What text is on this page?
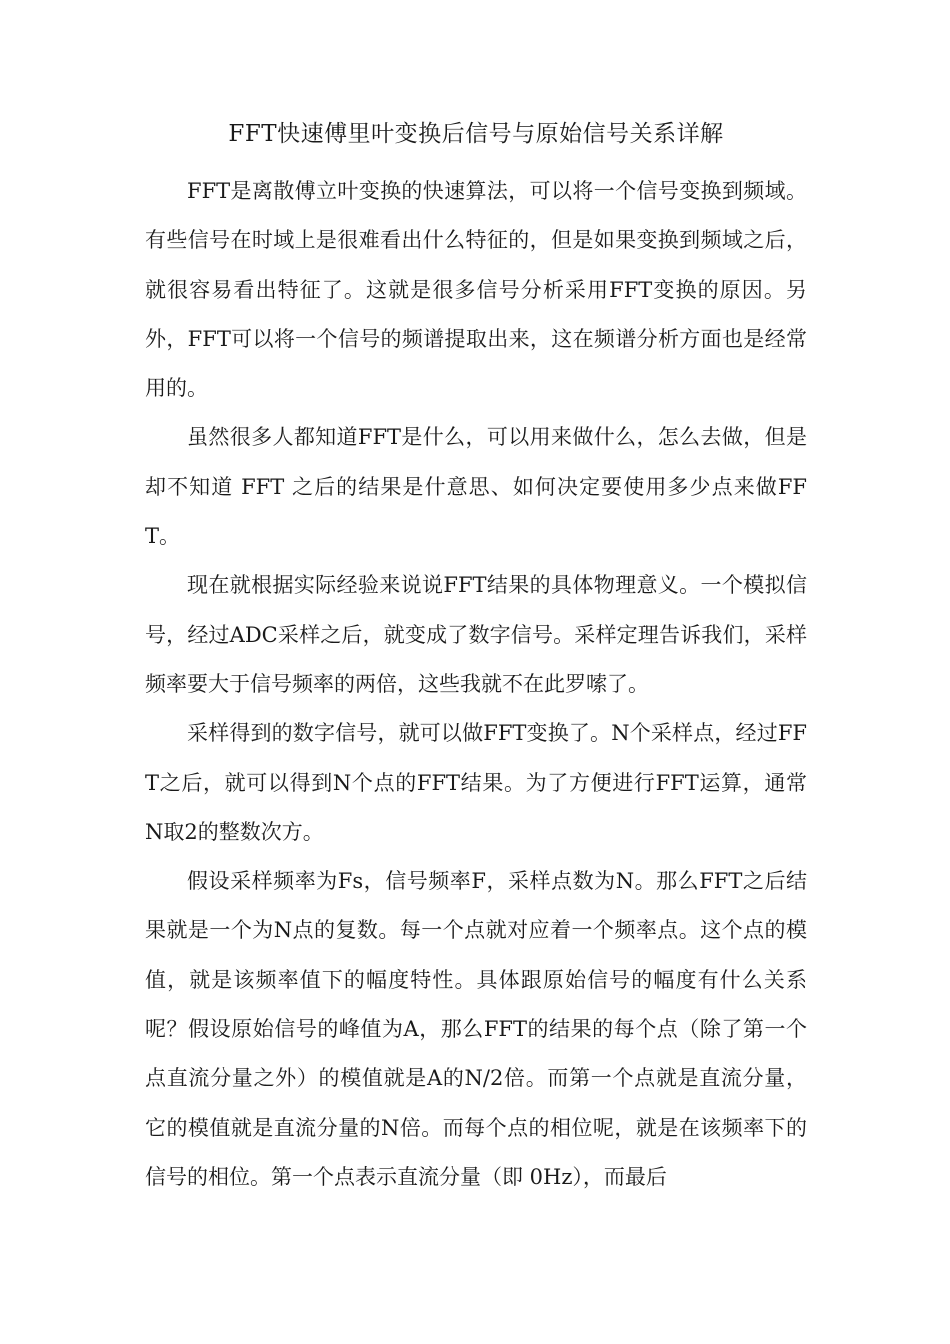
FFT快速傅里叶变换后信号与原始信号关系详解

FFT是离散傅立叶变换的快速算法，可以将一个信号变换到频域。有些信号在时域上是很难看出什么特征的，但是如果变换到频域之后，就很容易看出特征了。这就是很多信号分析采用FFT变换的原因。另外，FFT可以将一个信号的频谱提取出来，这在频谱分析方面也是经常用的。

虽然很多人都知道FFT是什么，可以用来做什么，怎么去做，但是却不知道 FFT 之后的结果是什意思、如何决定要使用多少点来做FFT。

现在就根据实际经验来说说FFT结果的具体物理意义。一个模拟信号，经过ADC采样之后，就变成了数字信号。采样定理告诉我们，采样频率要大于信号频率的两倍，这些我就不在此罗嗦了。

采样得到的数字信号，就可以做FFT变换了。N个采样点，经过FFT之后，就可以得到N个点的FFT结果。为了方便进行FFT运算，通常N取2的整数次方。

假设采样频率为Fs，信号频率F，采样点数为N。那么FFT之后结果就是一个为N点的复数。每一个点就对应着一个频率点。这个点的模值，就是该频率值下的幅度特性。具体跟原始信号的幅度有什么关系呢？假设原始信号的峰值为A，那么FFT的结果的每个点（除了第一个点直流分量之外）的模值就是A的N/2倍。而第一个点就是直流分量，它的模值就是直流分量的N倍。而每个点的相位呢，就是在该频率下的信号的相位。第一个点表示直流分量（即 0Hz），而最后
